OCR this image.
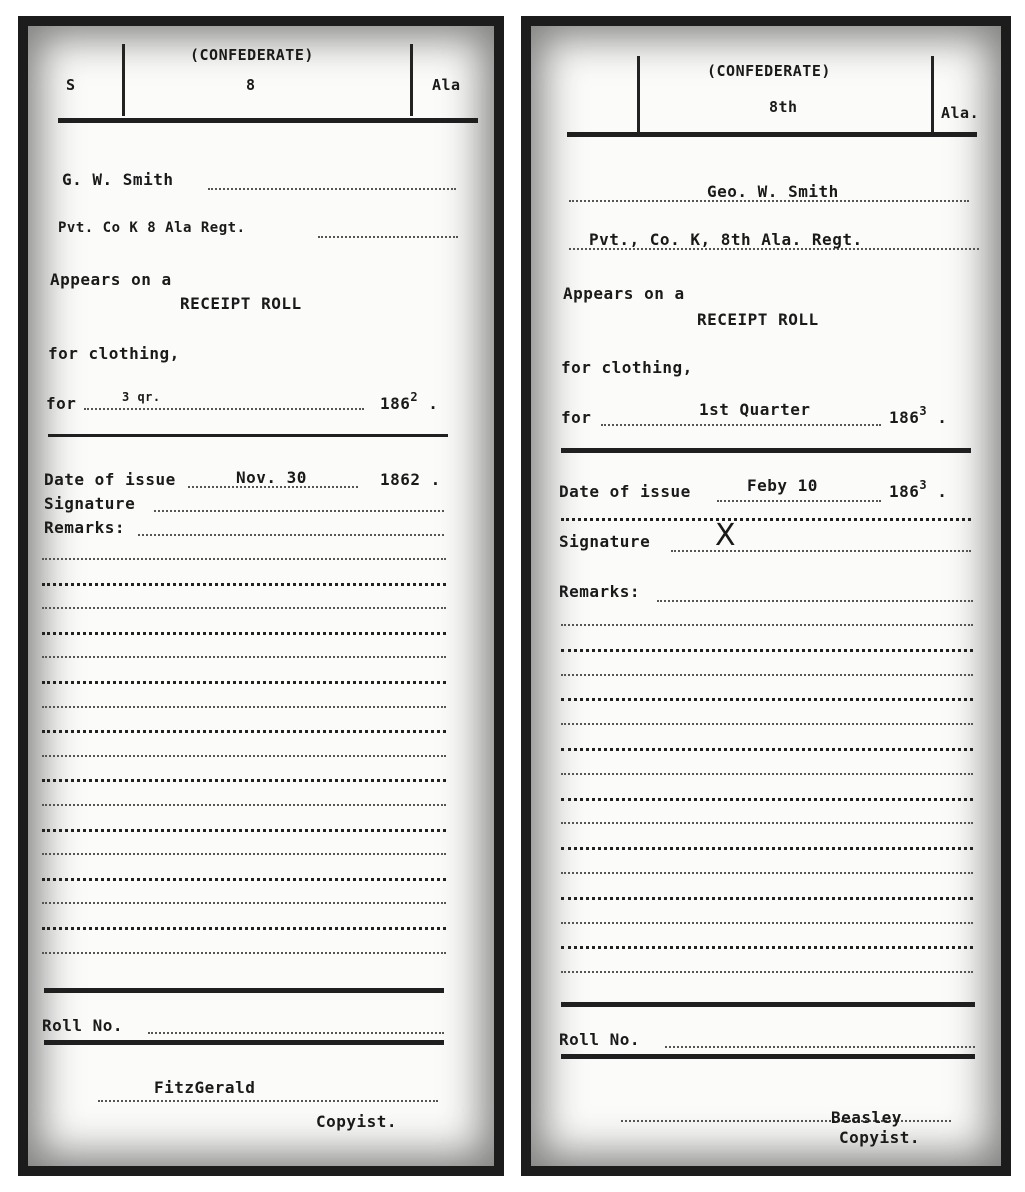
S
(CONFEDERATE)
8	Ala
G. W. Smith
Pvt. Co K 8 Ala Regt.
Appears on a
RECEIPT ROLL
for clothing,
for	3 qr.	$186^2$ .
Date of issue	Nov. 30	1862 .
Signature
Remarks:
Roll No.
FitzGerald
Copyist.
(CONFEDERATE)
8th	Ala.
Geo. W. Smith
Pvt., Co. K, 8th Ala. Regt.
Appears on a
RECEIPT ROLL
for clothing,
for	1st Quarter	$186^3$ .
Date of issue	Feby 10	$186^3$ .
Signature X
Remarks:
Roll No.
Beasley
Copyist.
